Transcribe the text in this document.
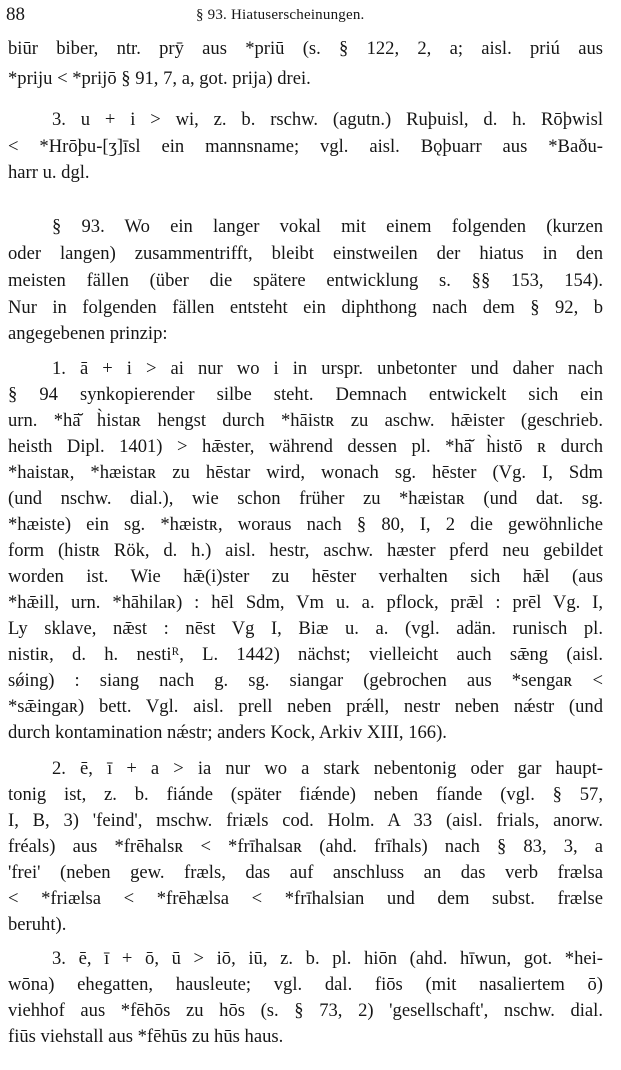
88	§ 93. Hiatuserscheinungen.
biūr biber, ntr. prȳ aus *priū (s. § 122, 2, a; aisl. priú aus
*priju < *prijō § 91, 7, a, got. prija) drei.
3. u + i > wi, z. b. rschw. (agutn.) Ruþuisl, d. h. Rōþwisl
< *Hrōþu-[ʒ]īsl ein mannsname; vgl. aisl. Bǫþuarr aus *Baðu-
harr u. dgl.
§ 93. Wo ein langer vokal mit einem folgenden (kurzen
oder langen) zusammentrifft, bleibt einstweilen der hiatus in den
meisten fällen (über die spätere entwicklung s. §§ 153, 154).
Nur in folgenden fällen entsteht ein diphthong nach dem § 92, b
angegebenen prinzip:
1. ā + i > ai nur wo i in urspr. unbetonter und daher nach
§ 94 synkopierender silbe steht. Demnach entwickelt sich ein
urn. *hā̆ h̀istaʀ hengst durch *hāistʀ zu aschw. hǣister (geschrieb.
heisth Dipl. 1401) > hǣster, während dessen pl. *hā̆ h̀istō ʀ durch
*haistaʀ, *hæistaʀ zu hēstar wird, wonach sg. hēster (Vg. I, Sdm
(und nschw. dial.), wie schon früher zu *hæistaʀ (und dat. sg.
*hæiste) ein sg. *hæistʀ, woraus nach § 80, I, 2 die gewöhnliche
form (histʀ Rök, d. h.) aisl. hestr, aschw. hæster pferd neu gebildet
worden ist. Wie hǣ(i)ster zu hēster verhalten sich hǣl (aus
*hǣill, urn. *hāhilaʀ) : hēl Sdm, Vm u. a. pflock, prǣl : prēl Vg. I,
Ly sklave, nǣst : nēst Vg I, Biæ u. a. (vgl. adän. runisch pl.
nistiʀ, d. h. nestiᴿ, L. 1442) nächst; vielleicht auch sǣng (aisl.
sǿing) : siang nach g. sg. siangar (gebrochen aus *sengaʀ <
*sǣingaʀ) bett. Vgl. aisl. prell neben prǽll, nestr neben nǽstr (und
durch kontamination nǽstr; anders Kock, Arkiv XIII, 166).
2. ē, ī + a > ia nur wo a stark nebentonig oder gar haupt-
tonig ist, z. b. fiánde (später fiǽnde) neben fíande (vgl. § 57,
I, B, 3) 'feind', mschw. friæls cod. Holm. A 33 (aisl. frials, anorw.
fréals) aus *frēhalsʀ < *frīhalsaʀ (ahd. frīhals) nach § 83, 3, a
'frei' (neben gew. fræls, das auf anschluss an das verb frælsa
< *friælsa < *frēhælsa < *frīhalsian und dem subst. frælse
beruht).
3. ē, ī + ō, ū > iō, iū, z. b. pl. hiōn (ahd. hīwun, got. *hei-
wōna) ehegatten, hausleute; vgl. dal. fiōs (mit nasaliertem ō)
viehhof aus *fēhōs zu hōs (s. § 73, 2) 'gesellschaft', nschw. dial.
fiūs viehstall aus *fēhūs zu hūs haus.
